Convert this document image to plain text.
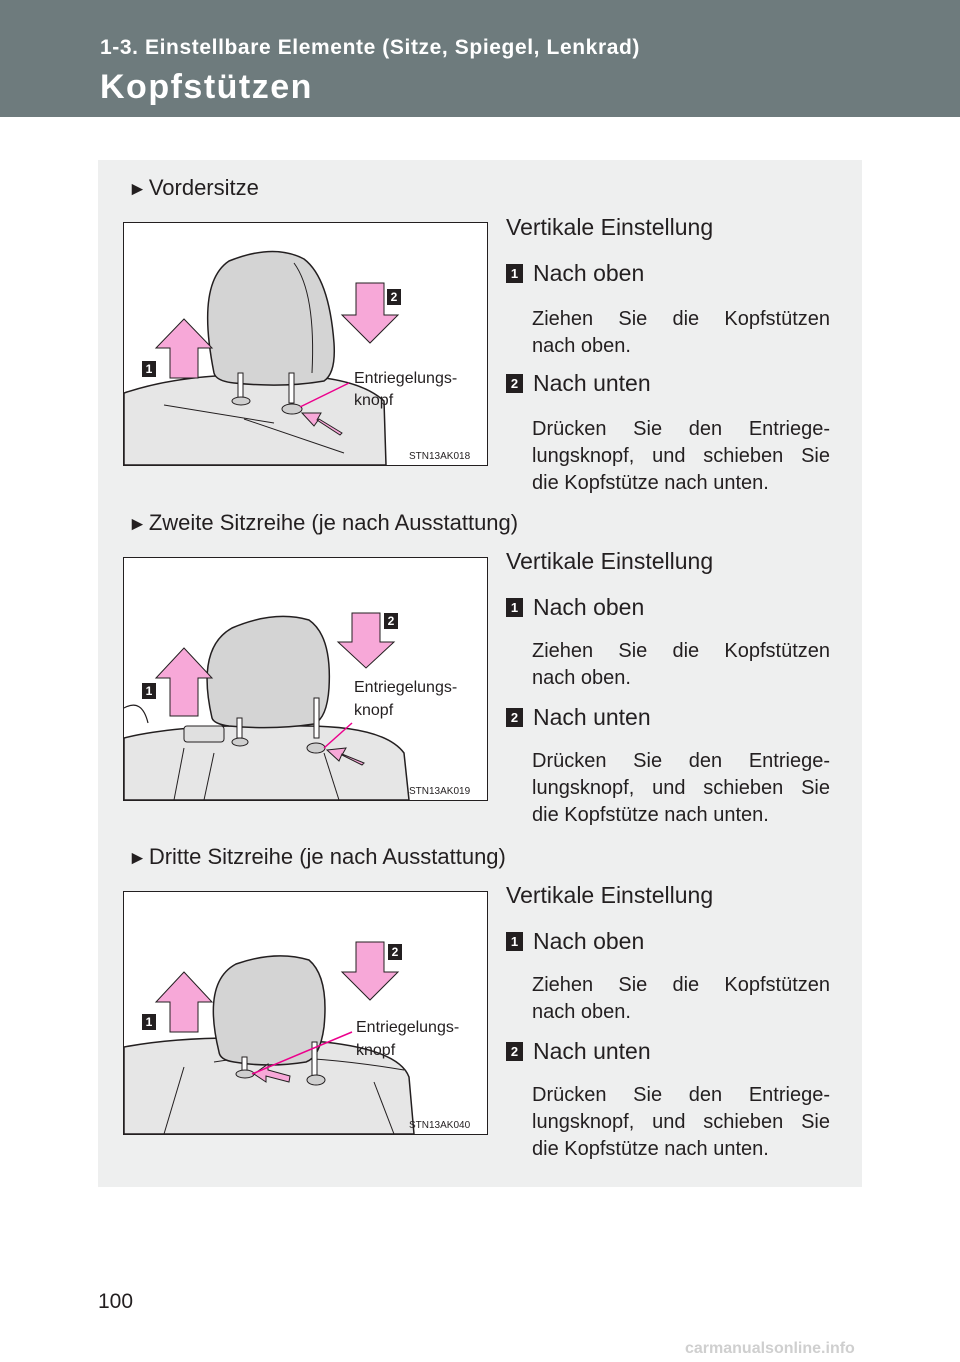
1-3. Einstellbare Elemente (Sitze, Spiegel, Lenkrad)
Kopfstützen
►Vordersitze
1
2
Entriegelungs-
knopf
STN13AK018
Vertikale Einstellung
1 Nach oben
Ziehen Sie die Kopfstützen
nach oben.
2 Nach unten
Drücken Sie den Entriege-
lungsknopf, und schieben Sie
die Kopfstütze nach unten.
►Zweite Sitzreihe (je nach Ausstattung)
1
2
Entriegelungs-
knopf
STN13AK019
Vertikale Einstellung
1 Nach oben
Ziehen Sie die Kopfstützen
nach oben.
2 Nach unten
Drücken Sie den Entriege-
lungsknopf, und schieben Sie
die Kopfstütze nach unten.
►Dritte Sitzreihe (je nach Ausstattung)
1
2
Entriegelungs-
knopf
STN13AK040
Vertikale Einstellung
1 Nach oben
Ziehen Sie die Kopfstützen
nach oben.
2 Nach unten
Drücken Sie den Entriege-
lungsknopf, und schieben Sie
die Kopfstütze nach unten.
100
carmanualsonline.info
